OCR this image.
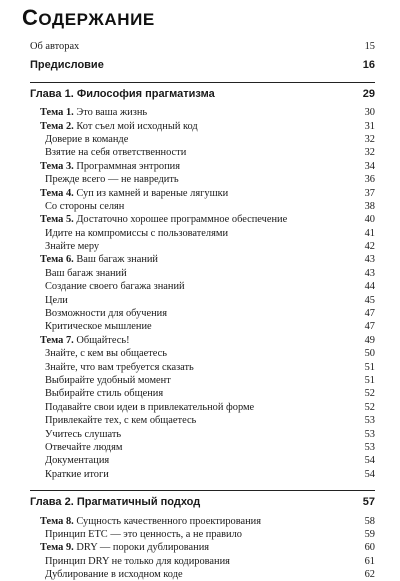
СОДЕРЖАНИЕ
Об авторах	15
Предисловие	16
Глава 1. Философия прагматизма	29
Тема 1. Это ваша жизнь	30
Тема 2. Кот съел мой исходный код	31
Доверие в команде	32
Взятие на себя ответственности	32
Тема 3. Программная энтропия	34
Прежде всего — не навредить	36
Тема 4. Суп из камней и вареные лягушки	37
Со стороны селян	38
Тема 5. Достаточно хорошее программное обеспечение	40
Идите на компромиссы с пользователями	41
Знайте меру	42
Тема 6. Ваш багаж знаний	43
Ваш багаж знаний	43
Создание своего багажа знаний	44
Цели	45
Возможности для обучения	47
Критическое мышление	47
Тема 7. Общайтесь!	49
Знайте, с кем вы общаетесь	50
Знайте, что вам требуется сказать	51
Выбирайте удобный момент	51
Выбирайте стиль общения	52
Подавайте свои идеи в привлекательной форме	52
Привлекайте тех, с кем общаетесь	53
Учитесь слушать	53
Отвечайте людям	53
Документация	54
Краткие итоги	54
Глава 2. Прагматичный подход	57
Тема 8. Сущность качественного проектирования	58
Принцип ETC — это ценность, а не правило	59
Тема 9. DRY — пороки дублирования	60
Принцип DRY не только для кодирования	61
Дублирование в исходном коде	62
